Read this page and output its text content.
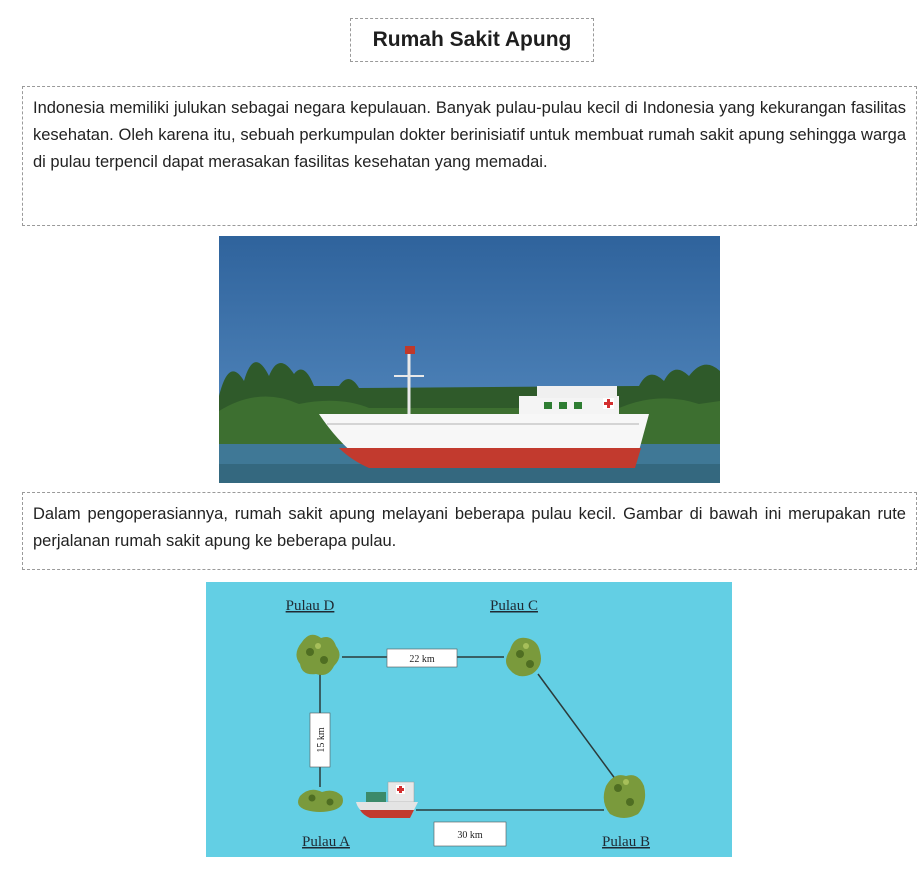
Rumah Sakit Apung
Indonesia memiliki julukan sebagai negara kepulauan. Banyak pulau-pulau kecil di Indonesia yang kekurangan fasilitas kesehatan. Oleh karena itu, sebuah perkumpulan dokter berinisiatif untuk membuat rumah sakit apung sehingga warga di pulau terpencil dapat merasakan fasilitas kesehatan yang memadai.
Dalam pengoperasiannya, rumah sakit apung melayani beberapa pulau kecil. Gambar di bawah ini merupakan rute perjalanan rumah sakit apung ke beberapa pulau.
22 km
15 km
30 km
Pulau D	Pulau C
Pulau A	Pulau B
